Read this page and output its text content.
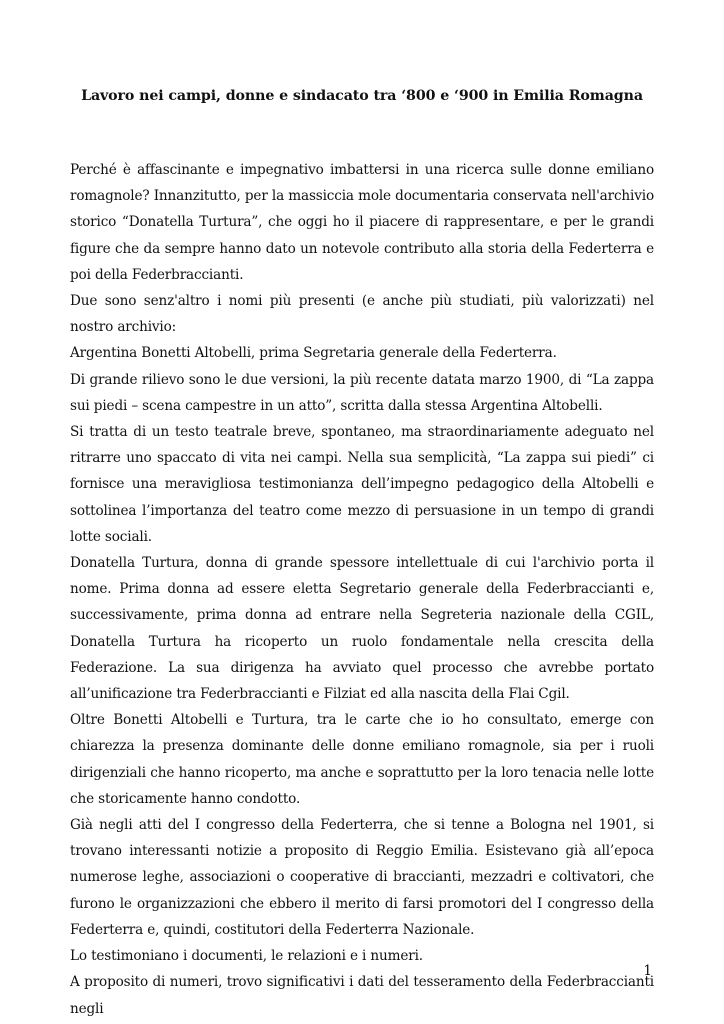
Lavoro nei campi, donne e sindacato tra ‘800 e ‘900 in Emilia Romagna

Perché è affascinante e impegnativo imbattersi in una ricerca sulle donne emiliano romagnole? Innanzitutto, per la massiccia mole documentaria conservata nell'archivio storico “Donatella Turtura”, che oggi ho il piacere di rappresentare, e per le grandi figure che da sempre hanno dato un notevole contributo alla storia della Federterra e poi della Federbraccianti.

Due sono senz'altro i nomi più presenti (e anche più studiati, più valorizzati) nel nostro archivio:

Argentina Bonetti Altobelli, prima Segretaria generale della Federterra.

Di grande rilievo sono le due versioni, la più recente datata marzo 1900, di “La zappa sui piedi – scena campestre in un atto”, scritta dalla stessa Argentina Altobelli.

Si tratta di un testo teatrale breve, spontaneo, ma straordinariamente adeguato nel ritrarre uno spaccato di vita nei campi. Nella sua semplicità, “La zappa sui piedi” ci fornisce una meravigliosa testimonianza dell’impegno pedagogico della Altobelli e sottolinea l’importanza del teatro come mezzo di persuasione in un tempo di grandi lotte sociali.

Donatella Turtura, donna di grande spessore intellettuale di cui l'archivio porta il nome. Prima donna ad essere eletta Segretario generale della Federbraccianti e, successivamente, prima donna ad entrare nella Segreteria nazionale della CGIL, Donatella Turtura ha ricoperto un ruolo fondamentale nella crescita della Federazione. La sua dirigenza ha avviato quel processo che avrebbe portato all’unificazione tra Federbraccianti e Filziat ed alla nascita della Flai Cgil.

Oltre Bonetti Altobelli e Turtura, tra le carte che io ho consultato, emerge con chiarezza la presenza dominante delle donne emiliano romagnole, sia per i ruoli dirigenziali che hanno ricoperto, ma anche e soprattutto per la loro tenacia nelle lotte che storicamente hanno condotto.

Già negli atti del I congresso della Federterra, che si tenne a Bologna nel 1901, si trovano interessanti notizie a proposito di Reggio Emilia. Esistevano già all’epoca numerose leghe, associazioni o cooperative di braccianti, mezzadri e coltivatori, che furono le organizzazioni che ebbero il merito di farsi promotori del I congresso della Federterra e, quindi, costitutori della Federterra Nazionale.

Lo testimoniano i documenti, le relazioni e i numeri.

A proposito di numeri, trovo significativi i dati del tesseramento della Federbraccianti negli

1
